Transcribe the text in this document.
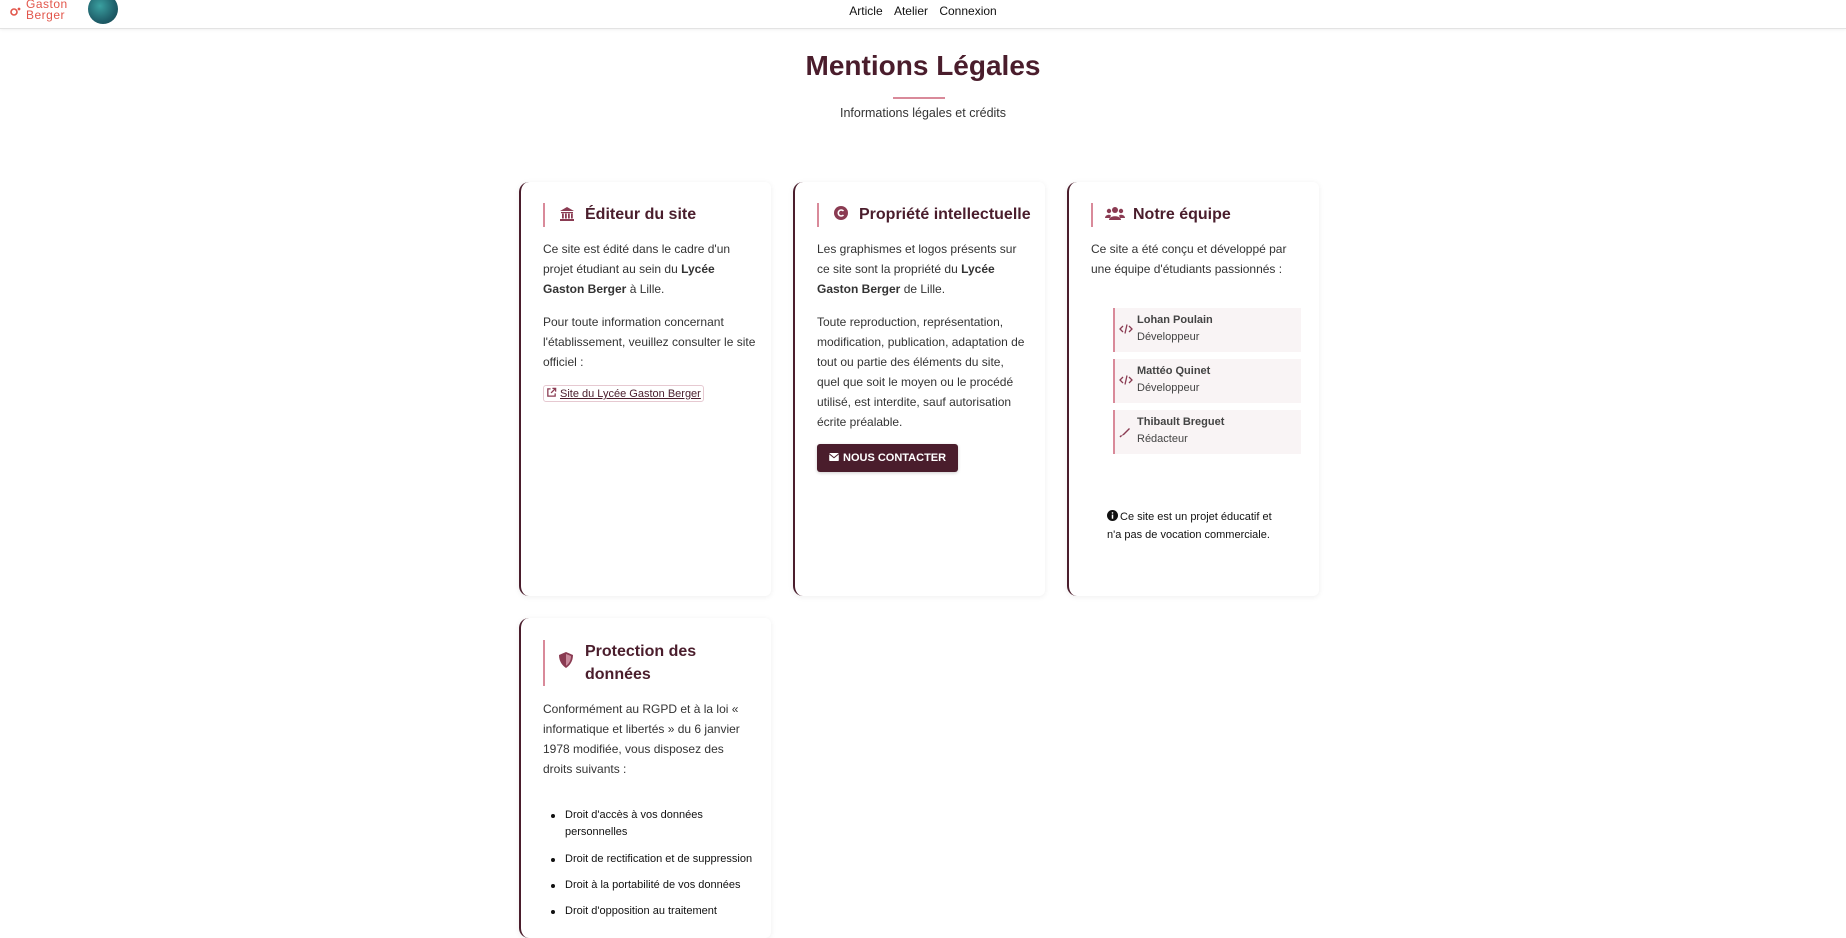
Gaston
Berger	Article Atelier Connexion
Mentions Légales
Informations légales et crédits
Éditeur du site
Ce site est édité dans le cadre d'un
projet étudiant au sein du Lycée
Gaston Berger à Lille.
Pour toute information concernant
l'établissement, veuillez consulter le site
officiel :
Site du Lycée Gaston Berger
Propriété intellectuelle
Les graphismes et logos présents sur
ce site sont la propriété du Lycée
Gaston Berger de Lille.
Toute reproduction, représentation,
modification, publication, adaptation de
tout ou partie des éléments du site,
quel que soit le moyen ou le procédé
utilisé, est interdite, sauf autorisation
écrite préalable.
NOUS CONTACTER
Notre équipe
Ce site a été conçu et développé par
une équipe d'étudiants passionnés :
Lohan Poulain
Développeur
Mattéo Quinet
Développeur
Thibault Breguet
Rédacteur
Ce site est un projet éducatif et
n'a pas de vocation commerciale.
Protection des
données
Conformément au RGPD et à la loi «
informatique et libertés » du 6 janvier
1978 modifiée, vous disposez des
droits suivants :
Droit d'accès à vos données
personnelles
Droit de rectification et de suppression
Droit à la portabilité de vos données
Droit d'opposition au traitement
